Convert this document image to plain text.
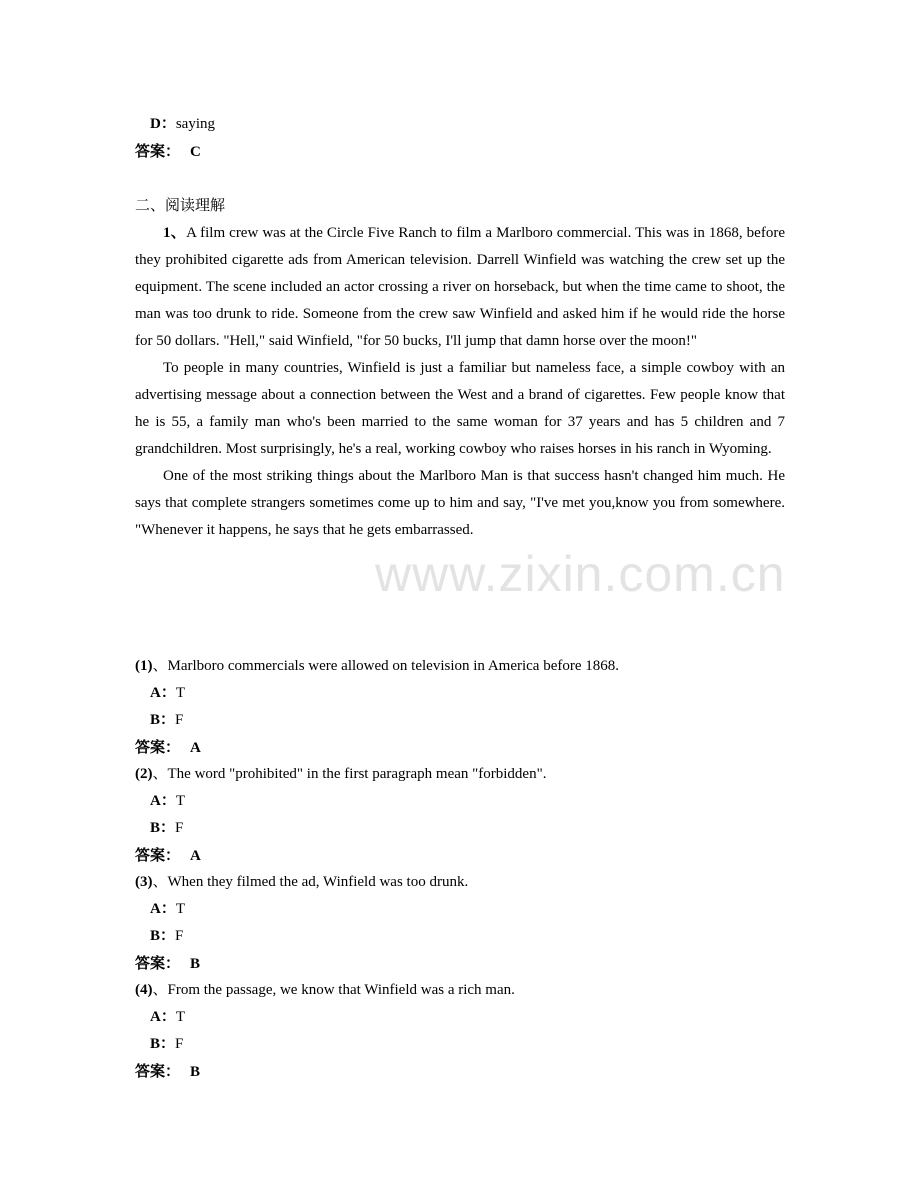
D：saying
答案： C
二、阅读理解

1、A film crew was at the Circle Five Ranch to film a Marlboro commercial. This was in 1868, before they prohibited cigarette ads from American television. Darrell Winfield was watching the crew set up the equipment. The scene included an actor crossing a river on horseback, but when the time came to shoot, the man was too drunk to ride. Someone from the crew saw Winfield and asked him if he would ride the horse for 50 dollars. "Hell," said Winfield, "for 50 bucks, I'll jump that damn horse over the moon!"

To people in many countries, Winfield is just a familiar but nameless face, a simple cowboy with an advertising message about a connection between the West and a brand of cigarettes. Few people know that he is 55, a family man who's been married to the same woman for 37 years and has 5 children and 7 grandchildren. Most surprisingly, he's a real, working cowboy who raises horses in his ranch in Wyoming.

One of the most striking things about the Marlboro Man is that success hasn't changed him much. He says that complete strangers sometimes come up to him and say, "I've met you,know you from somewhere. "Whenever it happens, he says that he gets embarrassed.

www.zixin.com.cn
(1)、Marlboro commercials were allowed on television in America before 1868.
A：T
B：F
答案： A
(2)、The word "prohibited" in the first paragraph mean "forbidden".
A：T
B：F
答案： A
(3)、When they filmed the ad, Winfield was too drunk.
A：T
B：F
答案： B
(4)、From the passage, we know that Winfield was a rich man.
A：T
B：F
答案： B
